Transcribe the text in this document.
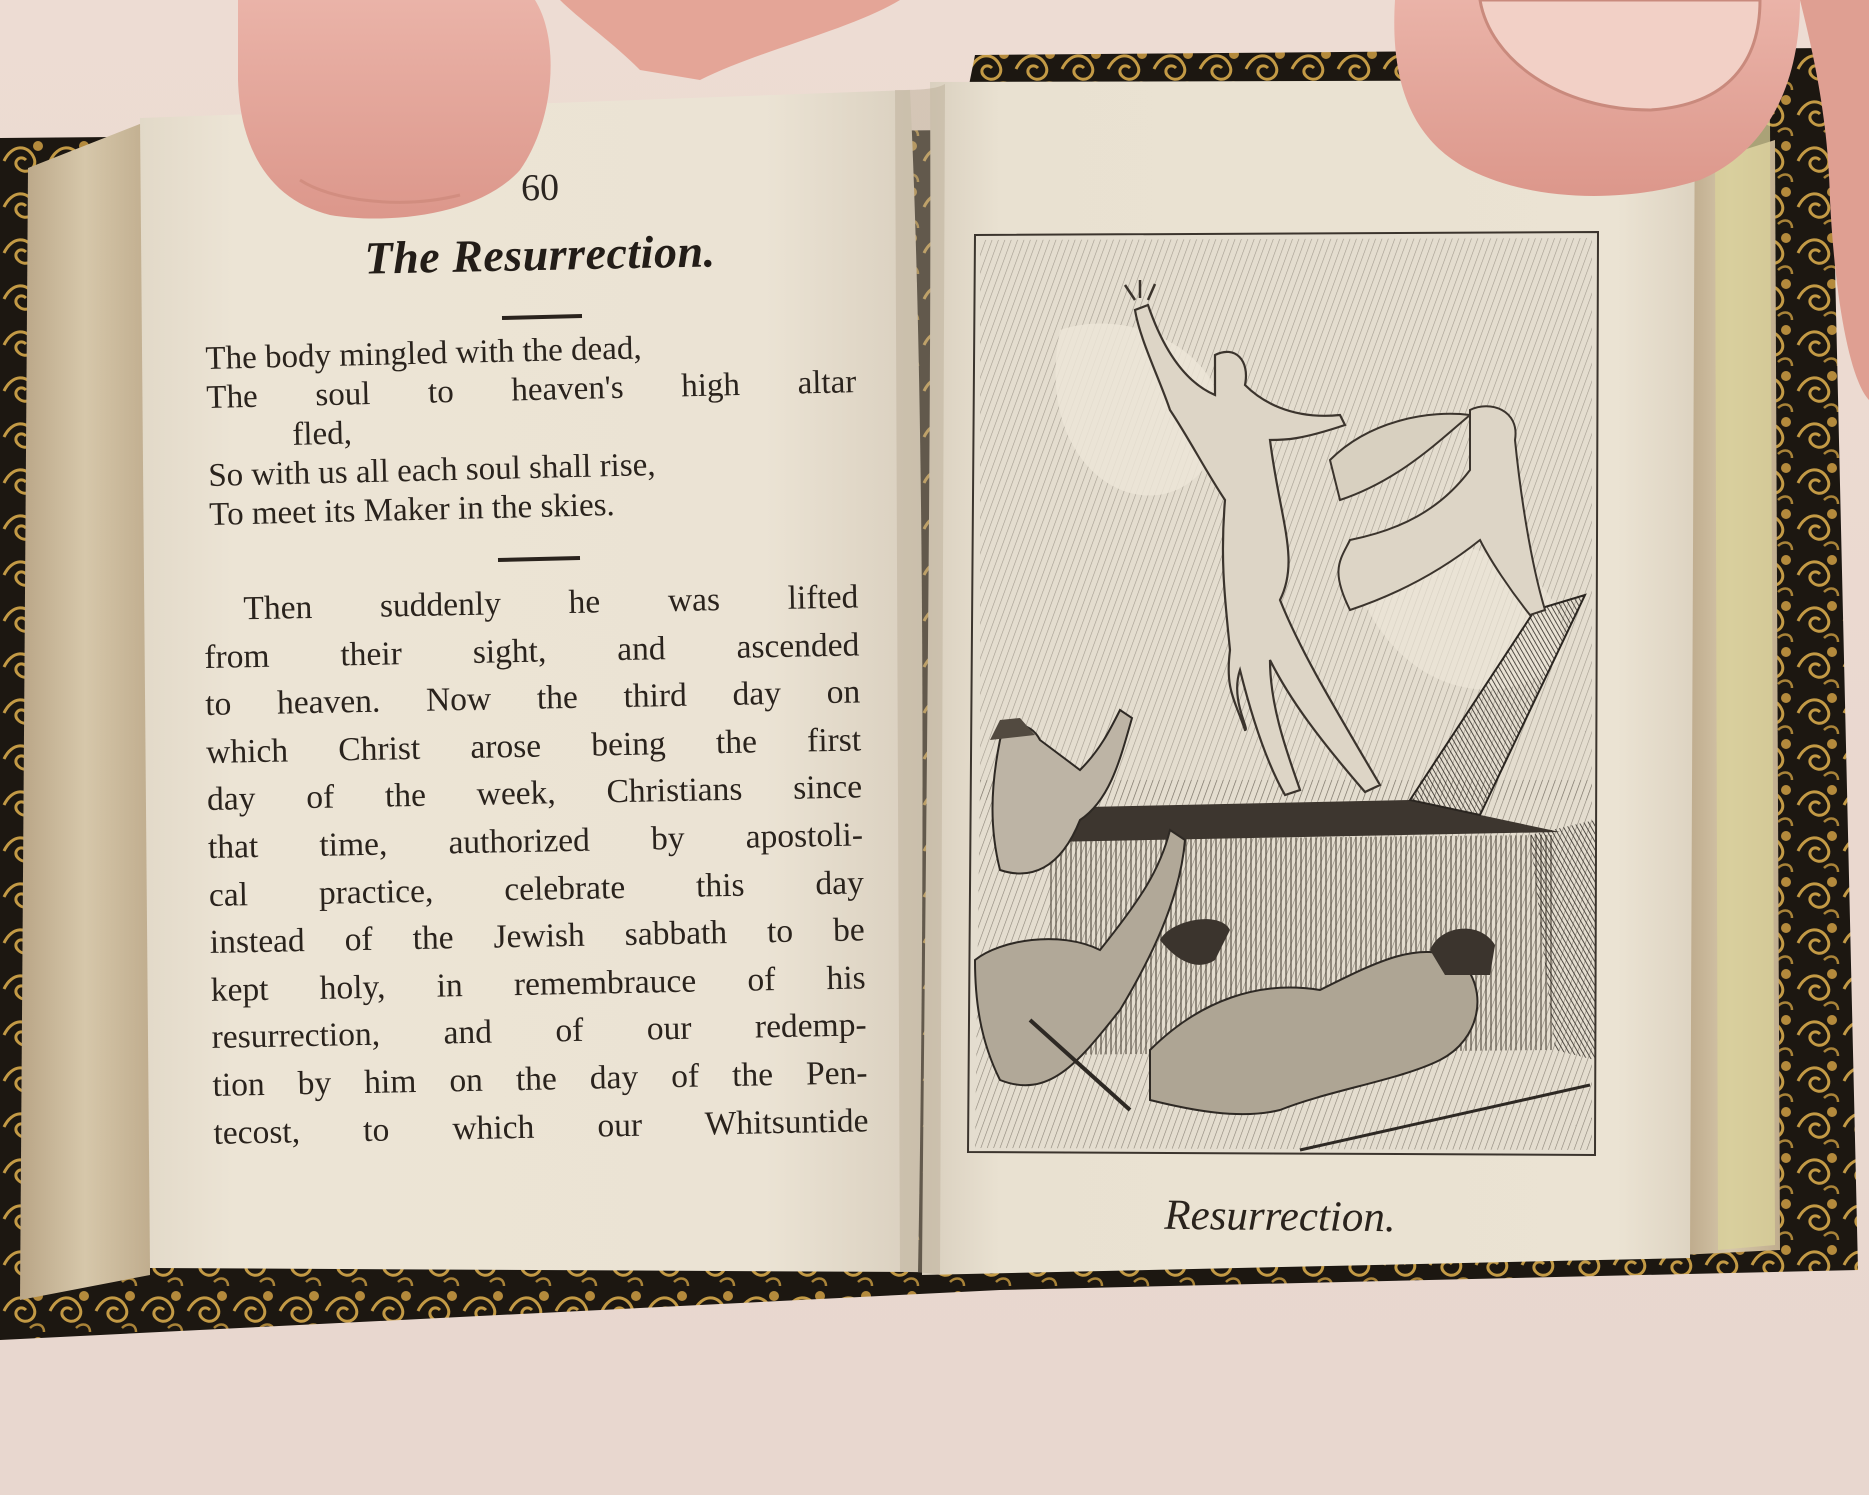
60
The Resurrection.
The body mingled with the dead,
The soul to heaven's high altar
fled,
So with us all each soul shall rise,
To meet its Maker in the skies.
Then suddenly he was lifted
from their sight, and ascended
to heaven. Now the third day on
which Christ arose being the first
day of the week, Christians since
that time, authorized by apostoli-
cal practice, celebrate this day
instead of the Jewish sabbath to be
kept holy, in remembrauce of his
resurrection, and of our redemp-
tion by him on the day of the Pen-
tecost, to which our Whitsuntide
Resurrection.
